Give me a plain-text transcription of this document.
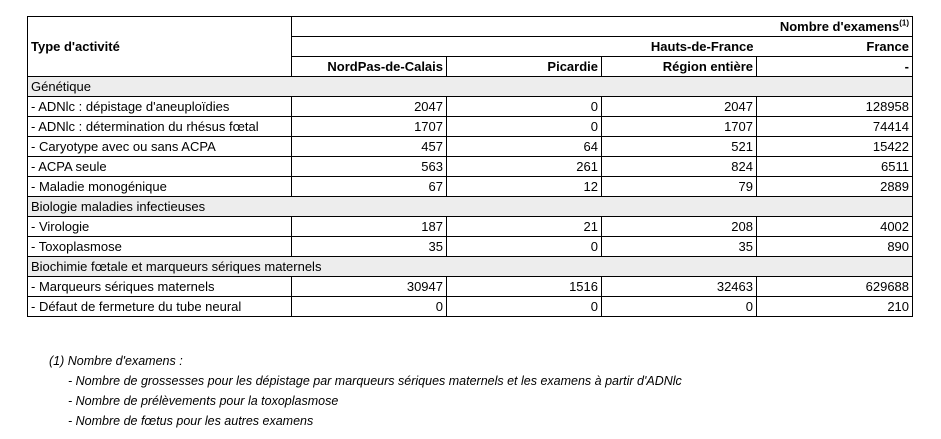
Type d'activité	Nombre d'examens$^{(1)}$
	Hauts-de-France			France
	NordPas-de-Calais	Picardie	Région entière	-
Génétique				
- ADNlc : dépistage d'aneuploïdies	2047	0	2047	128958
- ADNlc : détermination du rhésus fœtal	1707	0	1707	74414
- Caryotype avec ou sans ACPA	457	64	521	15422
- ACPA seule	563	261	824	6511
- Maladie monogénique	67	12	79	2889
Biologie maladies infectieuses				
- Virologie	187	21	208	4002
- Toxoplasmose	35	0	35	890
Biochimie fœtale et marqueurs sériques maternels				
- Marqueurs sériques maternels	30947	1516	32463	629688
- Défaut de fermeture du tube neural	0	0	0	210
(1) Nombre d'examens :
- Nombre de grossesses pour les dépistage par marqueurs sériques maternels et les examens à partir d'ADNlc
- Nombre de prélèvements pour la toxoplasmose
- Nombre de fœtus pour les autres examens
